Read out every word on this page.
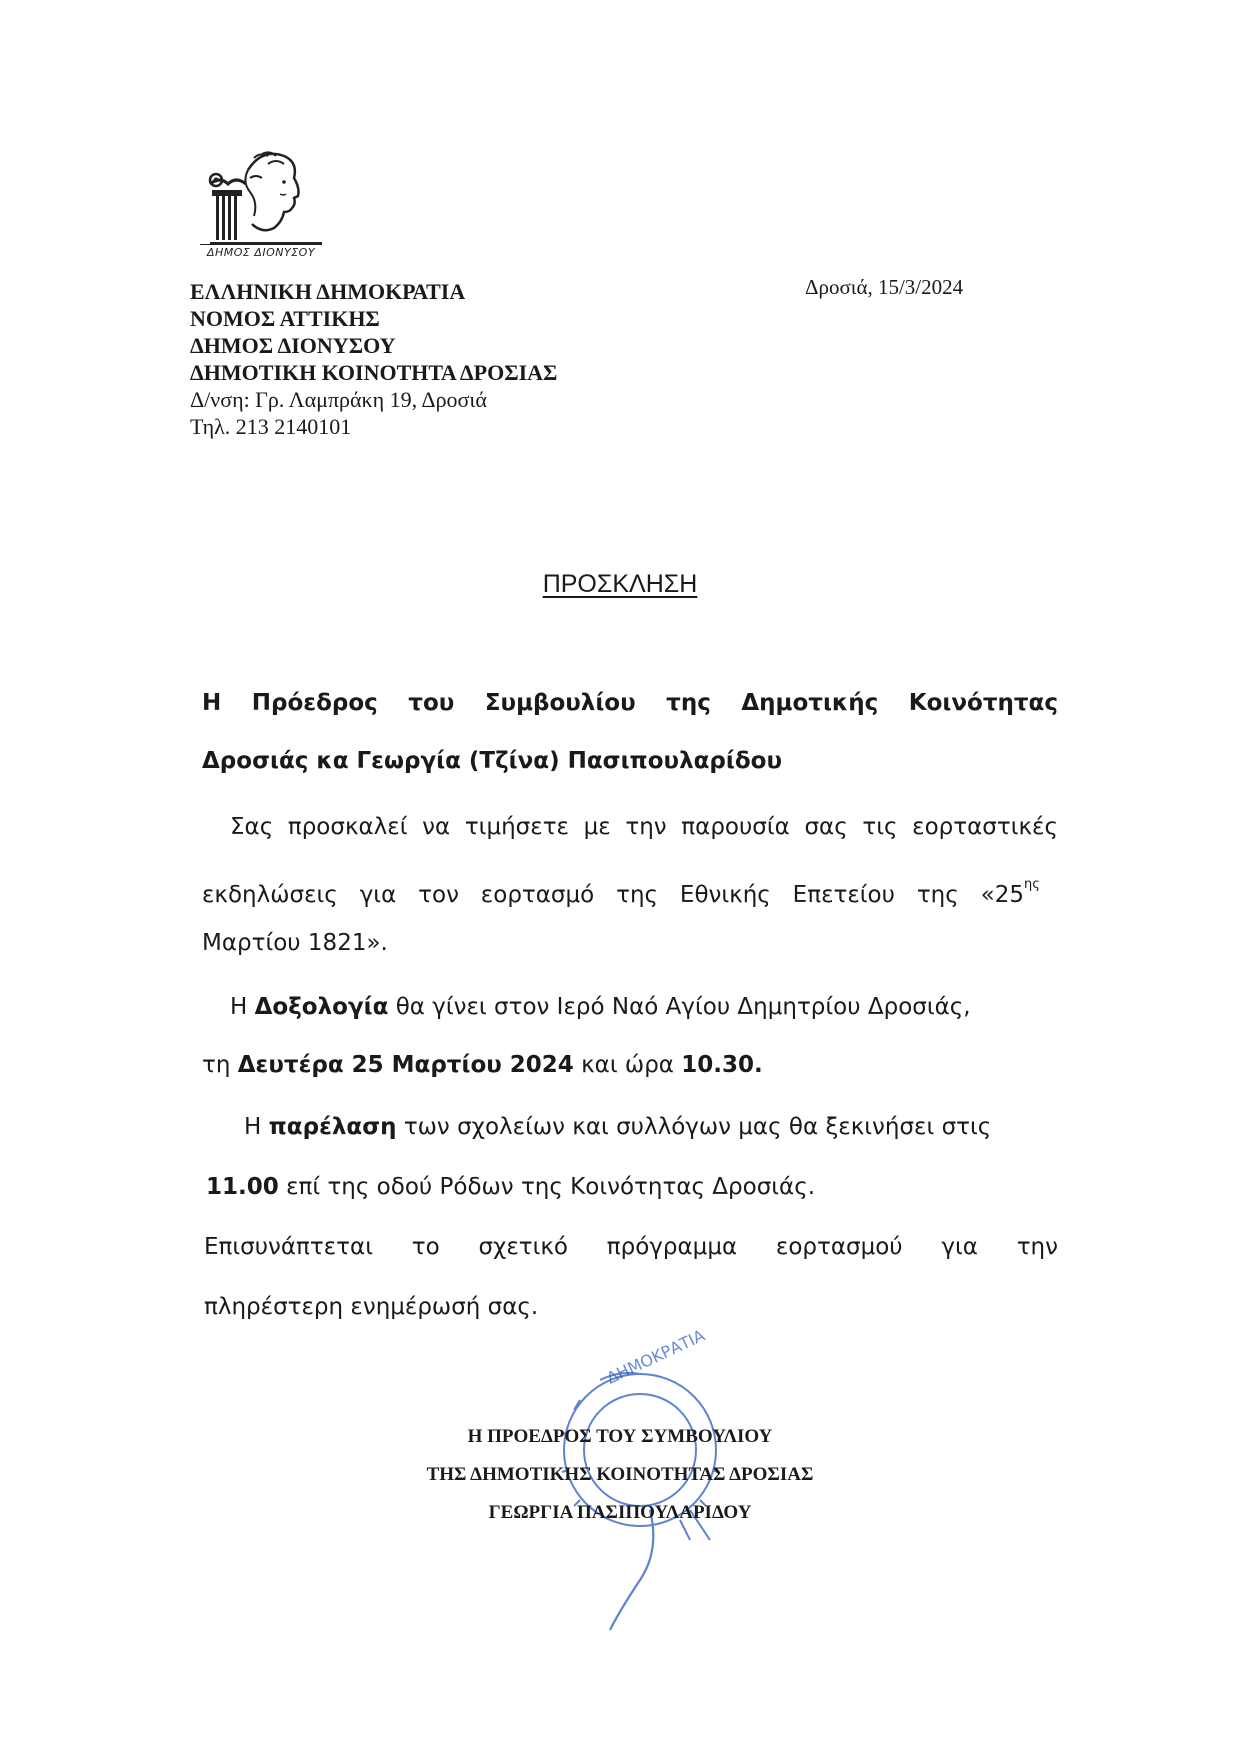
ΔΗΜΟΣ ΔΙΟΝΥΣΟΥ
ΕΛΛΗΝΙΚΗ ΔΗΜΟΚΡΑΤΙΑ
ΝΟΜΟΣ ΑΤΤΙΚΗΣ
ΔΗΜΟΣ ΔΙΟΝΥΣΟΥ
ΔΗΜΟΤΙΚΗ ΚΟΙΝΟΤΗΤΑ ΔΡΟΣΙΑΣ
Δ/νση: Γρ. Λαμπράκη 19, Δροσιά
Τηλ. 213 2140101
Δροσιά, 15/3/2024
ΠΡΟΣΚΛΗΣΗ
Η Πρόεδρος του Συμβουλίου της Δημοτικής Κοινότητας
Δροσιάς κα Γεωργία (Τζίνα) Πασιπουλαρίδου
Σας προσκαλεί να τιμήσετε με την παρουσία σας τις εορταστικές
εκδηλώσεις για τον εορτασμό της Εθνικής Επετείου της «$25^{\eta\varsigma}$
Μαρτίου 1821».
Η Δοξολογία θα γίνει στον Ιερό Ναό Αγίου Δημητρίου Δροσιάς,
τη Δευτέρα 25 Μαρτίου 2024 και ώρα 10.30.
Η παρέλαση των σχολείων και συλλόγων μας θα ξεκινήσει στις
11.00 επί της οδού Ρόδων της Κοινότητας Δροσιάς.
Επισυνάπτεται το σχετικό πρόγραμμα εορτασμού για την
πληρέστερη ενημέρωσή σας.
ΔΗΜΟΚΡΑΤΙΑ
Η ΠΡΟΕΔΡΟΣ ΤΟΥ ΣΥΜΒΟΥΛΙΟΥ
ΤΗΣ ΔΗΜΟΤΙΚΗΣ ΚΟΙΝΟΤΗΤΑΣ ΔΡΟΣΙΑΣ
ΓΕΩΡΓΙΑ ΠΑΣΙΠΟΥΛΑΡΙΔΟΥ
